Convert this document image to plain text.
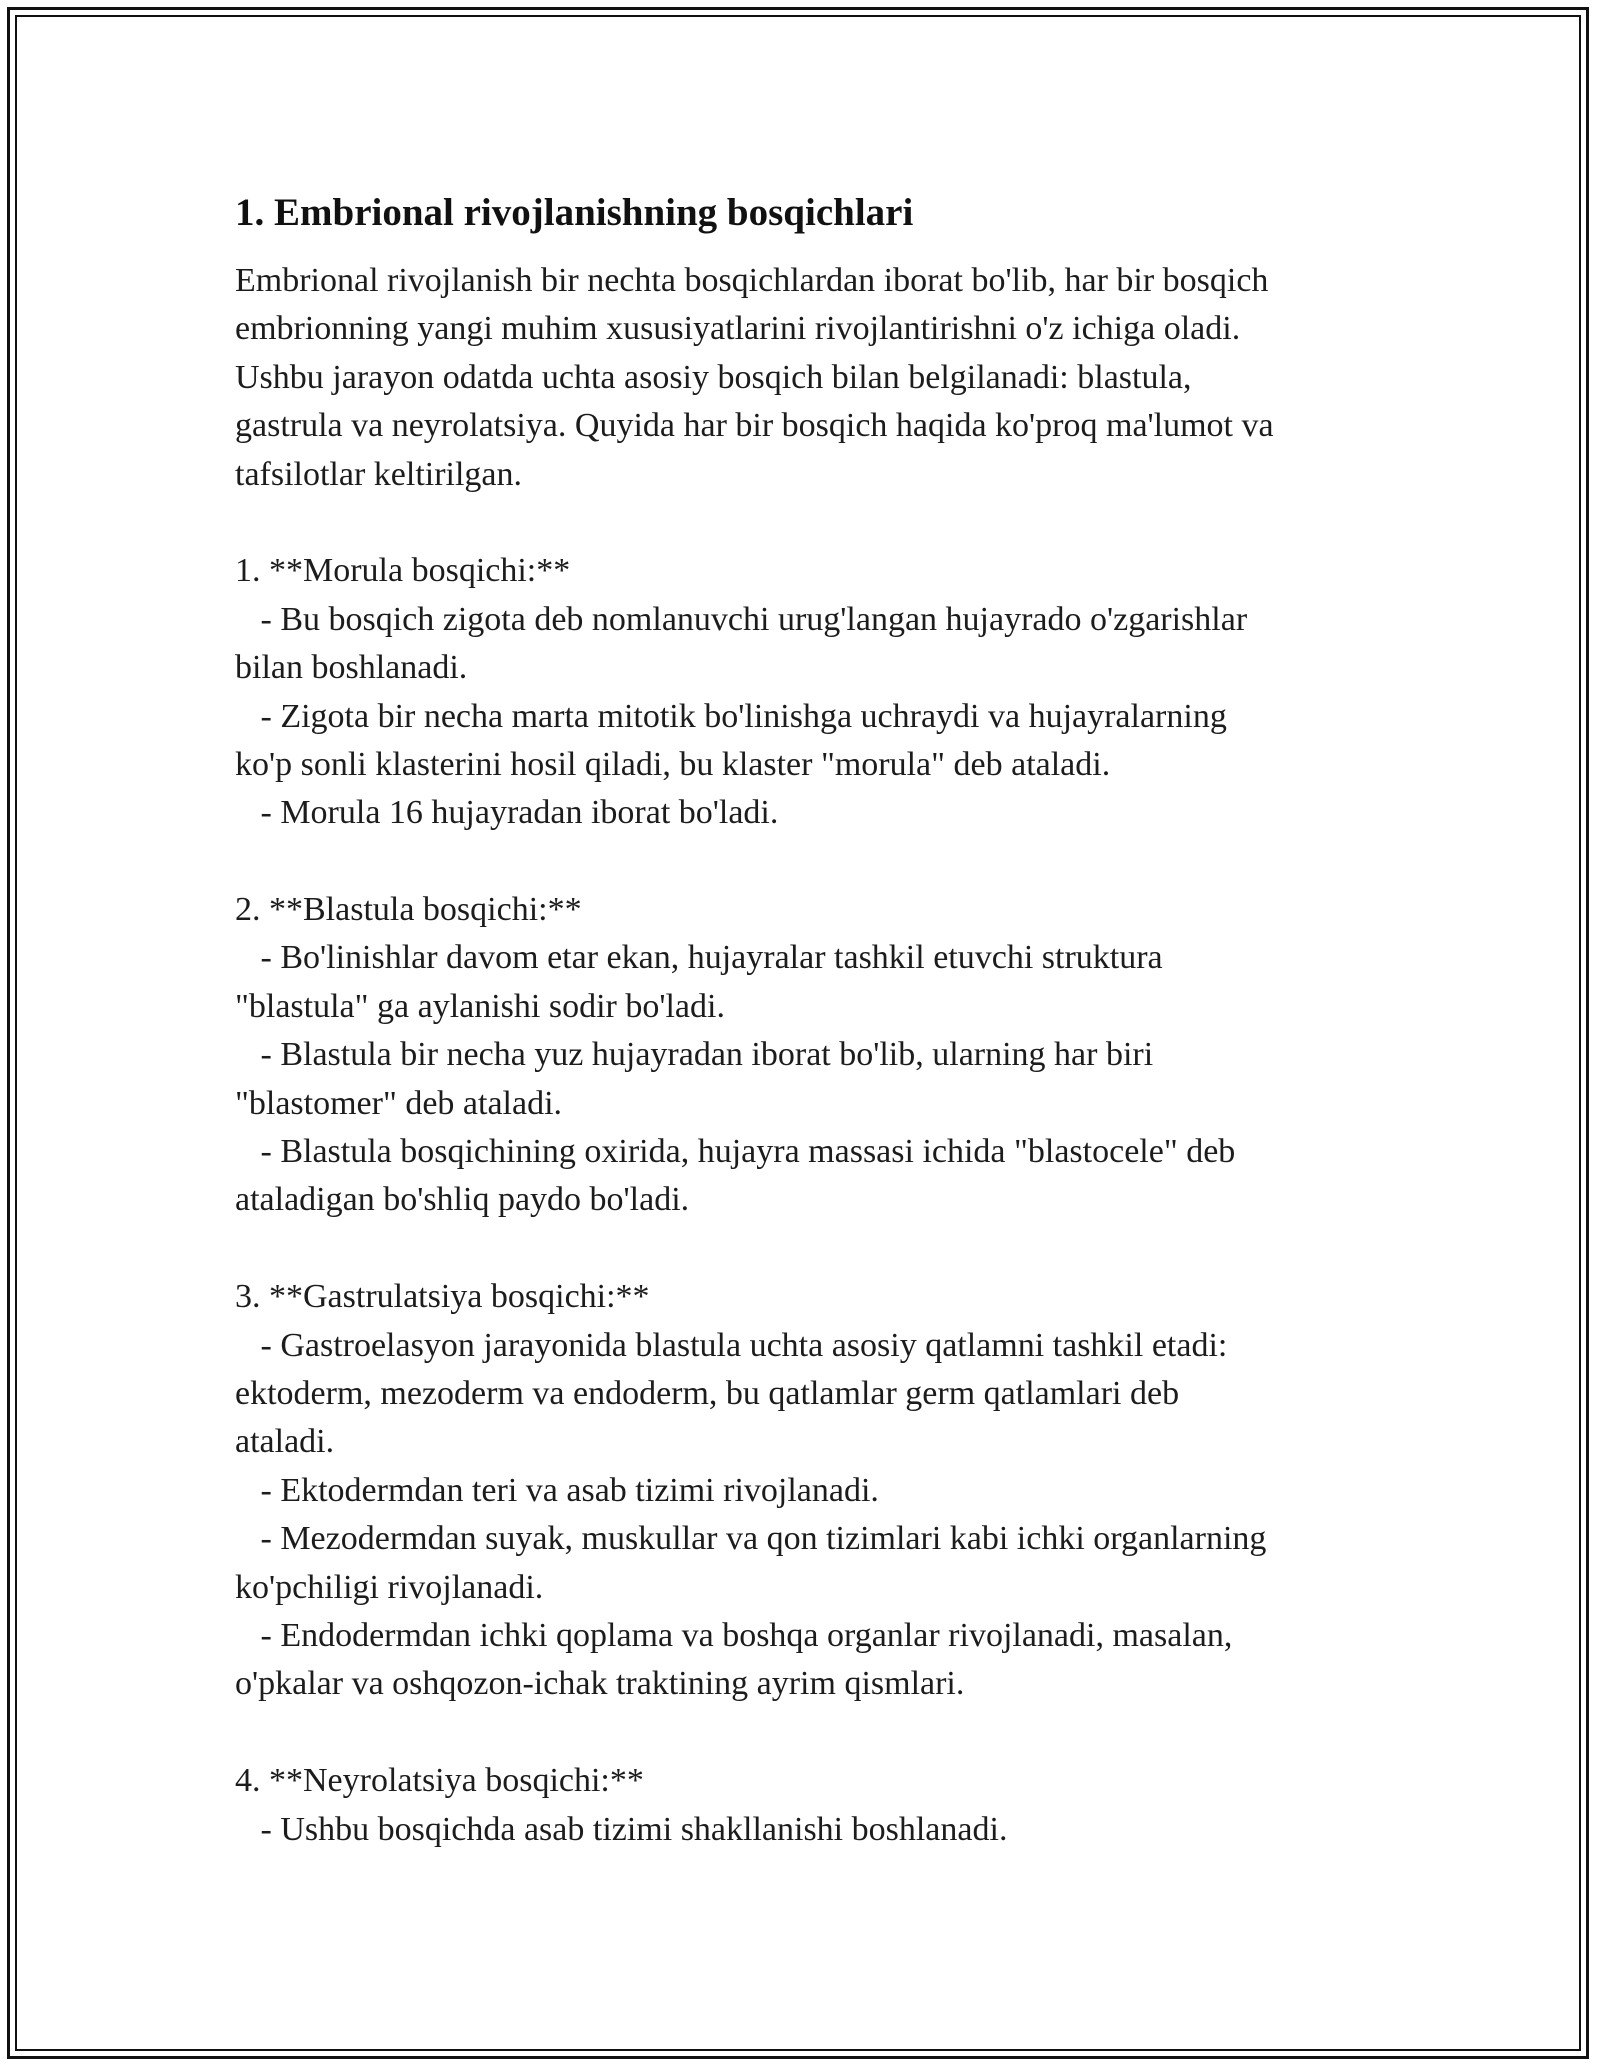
1. Embrional rivojlanishning bosqichlari
Embrional rivojlanish bir nechta bosqichlardan iborat bo'lib, har bir bosqich
embrionning yangi muhim xususiyatlarini rivojlantirishni o'z ichiga oladi.
Ushbu jarayon odatda uchta asosiy bosqich bilan belgilanadi: blastula,
gastrula va neyrolatsiya. Quyida har bir bosqich haqida ko'proq ma'lumot va
tafsilotlar keltirilgan.
1. **Morula bosqichi:**
- Bu bosqich zigota deb nomlanuvchi urug'langan hujayrado o'zgarishlar
bilan boshlanadi.
- Zigota bir necha marta mitotik bo'linishga uchraydi va hujayralarning
ko'p sonli klasterini hosil qiladi, bu klaster "morula" deb ataladi.
- Morula 16 hujayradan iborat bo'ladi.
2. **Blastula bosqichi:**
- Bo'linishlar davom etar ekan, hujayralar tashkil etuvchi struktura
"blastula" ga aylanishi sodir bo'ladi.
- Blastula bir necha yuz hujayradan iborat bo'lib, ularning har biri
"blastomer" deb ataladi.
- Blastula bosqichining oxirida, hujayra massasi ichida "blastocele" deb
ataladigan bo'shliq paydo bo'ladi.
3. **Gastrulatsiya bosqichi:**
- Gastroelasyon jarayonida blastula uchta asosiy qatlamni tashkil etadi:
ektoderm, mezoderm va endoderm, bu qatlamlar germ qatlamlari deb
ataladi.
- Ektodermdan teri va asab tizimi rivojlanadi.
- Mezodermdan suyak, muskullar va qon tizimlari kabi ichki organlarning
ko'pchiligi rivojlanadi.
- Endodermdan ichki qoplama va boshqa organlar rivojlanadi, masalan,
o'pkalar va oshqozon-ichak traktining ayrim qismlari.
4. **Neyrolatsiya bosqichi:**
- Ushbu bosqichda asab tizimi shakllanishi boshlanadi.
